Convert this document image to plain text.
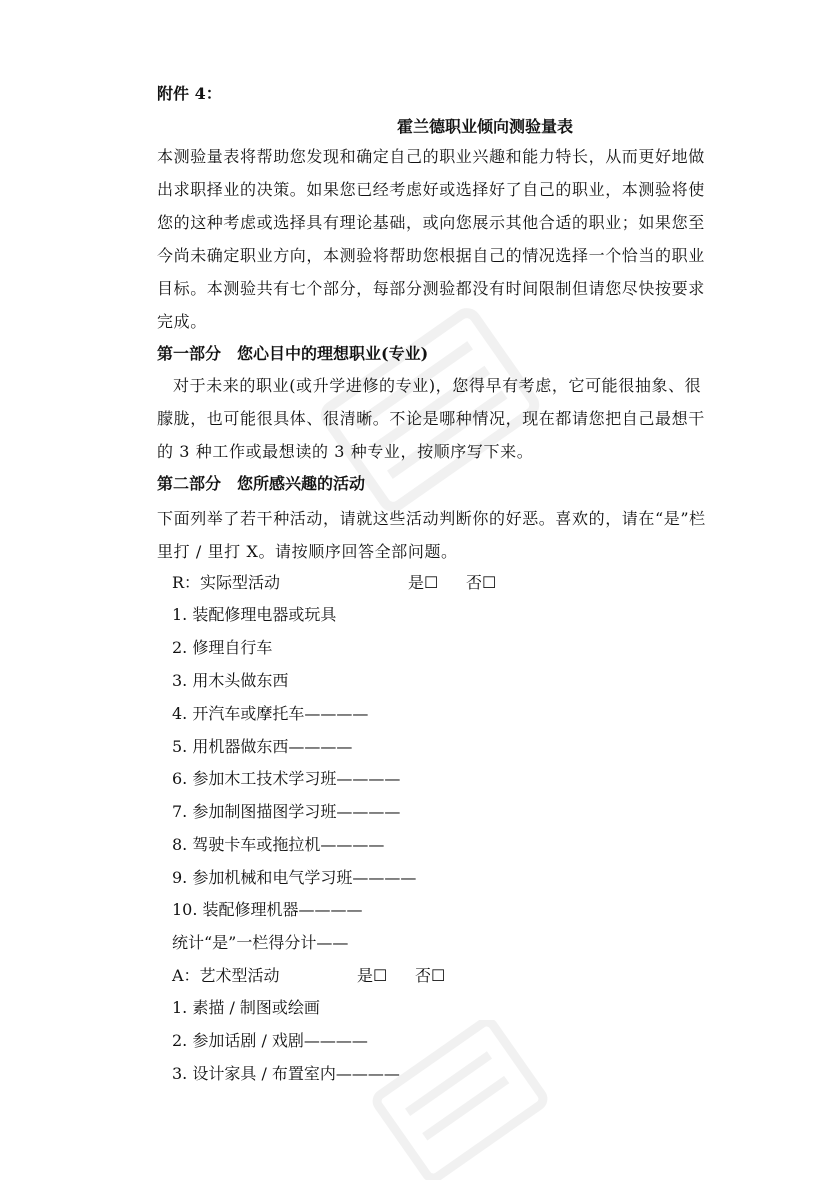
附件 4：
霍兰德职业倾向测验量表
本测验量表将帮助您发现和确定自己的职业兴趣和能力特长，从而更好地做出求职择业的决策。如果您已经考虑好或选择好了自己的职业，本测验将使您的这种考虑或选择具有理论基础，或向您展示其他合适的职业；如果您至今尚未确定职业方向，本测验将帮助您根据自己的情况选择一个恰当的职业目标。本测验共有七个部分，每部分测验都没有时间限制但请您尽快按要求完成。
第一部分　您心目中的理想职业(专业)
对于未来的职业(或升学进修的专业)，您得早有考虑，它可能很抽象、很朦胧，也可能很具体、很清晰。不论是哪种情况，现在都请您把自己最想干的 3 种工作或最想读的 3 种专业，按顺序写下来。
第二部分　您所感兴趣的活动
下面列举了若干种活动，请就这些活动判断你的好恶。喜欢的，请在“是”栏里打 / 里打 X。请按顺序回答全部问题。
R：实际型活动	是☐ 否☐
1. 装配修理电器或玩具
2. 修理自行车
3. 用木头做东西
4. 开汽车或摩托车————
5. 用机器做东西————
6. 参加木工技术学习班————
7. 参加制图描图学习班————
8. 驾驶卡车或拖拉机————
9. 参加机械和电气学习班————
10. 装配修理机器————
统计“是”一栏得分计——
A：艺术型活动	是☐ 否☐
1. 素描 / 制图或绘画
2. 参加话剧 / 戏剧————
3. 设计家具 / 布置室内————
